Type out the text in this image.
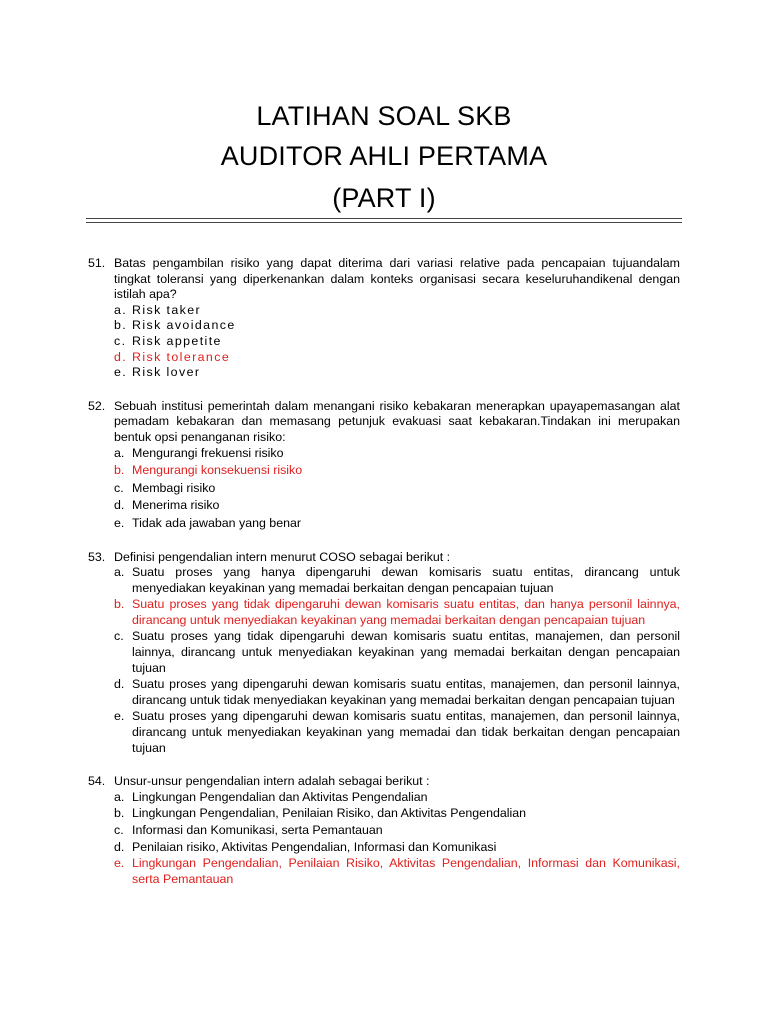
LATIHAN SOAL SKB
AUDITOR AHLI PERTAMA
(PART I)
51. Batas pengambilan risiko yang dapat diterima dari variasi relative pada pencapaian tujuandalam tingkat toleransi yang diperkenankan dalam konteks organisasi secara keseluruhandikenal dengan istilah apa?
a. Risk taker
b. Risk avoidance
c. Risk appetite
d. Risk tolerance
e. Risk lover
52. Sebuah institusi pemerintah dalam menangani risiko kebakaran menerapkan upayapemasangan alat pemadam kebakaran dan memasang petunjuk evakuasi saat kebakaran.Tindakan ini merupakan bentuk opsi penanganan risiko:
a. Mengurangi frekuensi risiko
b. Mengurangi konsekuensi risiko
c. Membagi risiko
d. Menerima risiko
e. Tidak ada jawaban yang benar
53. Definisi pengendalian intern menurut COSO sebagai berikut :
a. Suatu proses yang hanya dipengaruhi dewan komisaris suatu entitas, dirancang untuk menyediakan keyakinan yang memadai berkaitan dengan pencapaian tujuan
b. Suatu proses yang tidak dipengaruhi dewan komisaris suatu entitas, dan hanya personil lainnya, dirancang untuk menyediakan keyakinan yang memadai berkaitan dengan pencapaian tujuan
c. Suatu proses yang tidak dipengaruhi dewan komisaris suatu entitas, manajemen, dan personil lainnya, dirancang untuk menyediakan keyakinan yang memadai berkaitan dengan pencapaian tujuan
d. Suatu proses yang dipengaruhi dewan komisaris suatu entitas, manajemen, dan personil lainnya, dirancang untuk tidak menyediakan keyakinan yang memadai berkaitan dengan pencapaian tujuan
e. Suatu proses yang dipengaruhi dewan komisaris suatu entitas, manajemen, dan personil lainnya, dirancang untuk menyediakan keyakinan yang memadai dan tidak berkaitan dengan pencapaian tujuan
54. Unsur-unsur pengendalian intern adalah sebagai berikut :
a. Lingkungan Pengendalian dan Aktivitas Pengendalian
b. Lingkungan Pengendalian, Penilaian Risiko, dan Aktivitas Pengendalian
c. Informasi dan Komunikasi, serta Pemantauan
d. Penilaian risiko, Aktivitas Pengendalian, Informasi dan Komunikasi
e. Lingkungan Pengendalian, Penilaian Risiko, Aktivitas Pengendalian, Informasi dan Komunikasi, serta Pemantauan
